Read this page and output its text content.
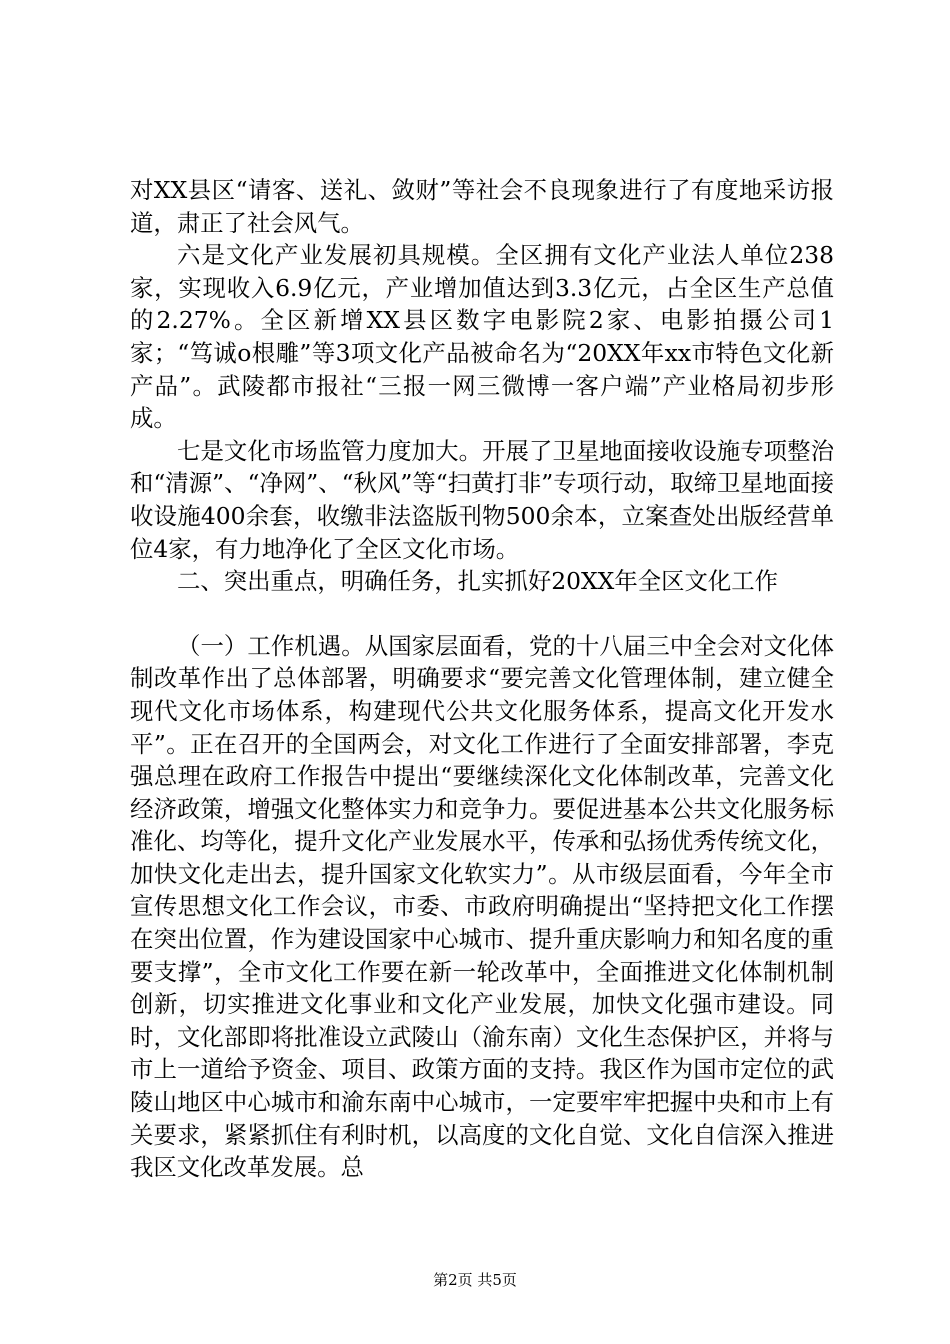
对XX县区“请客、送礼、敛财”等社会不良现象进行了有度地采访报道，肃正了社会风气。

六是文化产业发展初具规模。全区拥有文化产业法人单位238家，实现收入6.9亿元，产业增加值达到3.3亿元，占全区生产总值的2.27%。全区新增XX县区数字电影院2家、电影拍摄公司1家；“笃诚o根雕”等3项文化产品被命名为“20XX年xx市特色文化新产品”。武陵都市报社“三报一网三微博一客户端”产业格局初步形成。

七是文化市场监管力度加大。开展了卫星地面接收设施专项整治和“清源”、“净网”、“秋风”等“扫黄打非”专项行动，取缔卫星地面接收设施400余套，收缴非法盗版刊物500余本，立案查处出版经营单位4家，有力地净化了全区文化市场。

二、突出重点，明确任务，扎实抓好20XX年全区文化工作

（一）工作机遇。从国家层面看，党的十八届三中全会对文化体制改革作出了总体部署，明确要求“要完善文化管理体制，建立健全现代文化市场体系，构建现代公共文化服务体系，提高文化开发水平”。正在召开的全国两会，对文化工作进行了全面安排部署，李克强总理在政府工作报告中提出“要继续深化文化体制改革，完善文化经济政策，增强文化整体实力和竞争力。要促进基本公共文化服务标准化、均等化，提升文化产业发展水平，传承和弘扬优秀传统文化，加快文化走出去，提升国家文化软实力”。从市级层面看，今年全市宣传思想文化工作会议，市委、市政府明确提出“坚持把文化工作摆在突出位置，作为建设国家中心城市、提升重庆影响力和知名度的重要支撑”，全市文化工作要在新一轮改革中，全面推进文化体制机制创新，切实推进文化事业和文化产业发展，加快文化强市建设。同时，文化部即将批准设立武陵山（渝东南）文化生态保护区，并将与市上一道给予资金、项目、政策方面的支持。我区作为国市定位的武陵山地区中心城市和渝东南中心城市，一定要牢牢把握中央和市上有关要求，紧紧抓住有利时机，以高度的文化自觉、文化自信深入推进我区文化改革发展。总

第2页 共5页
